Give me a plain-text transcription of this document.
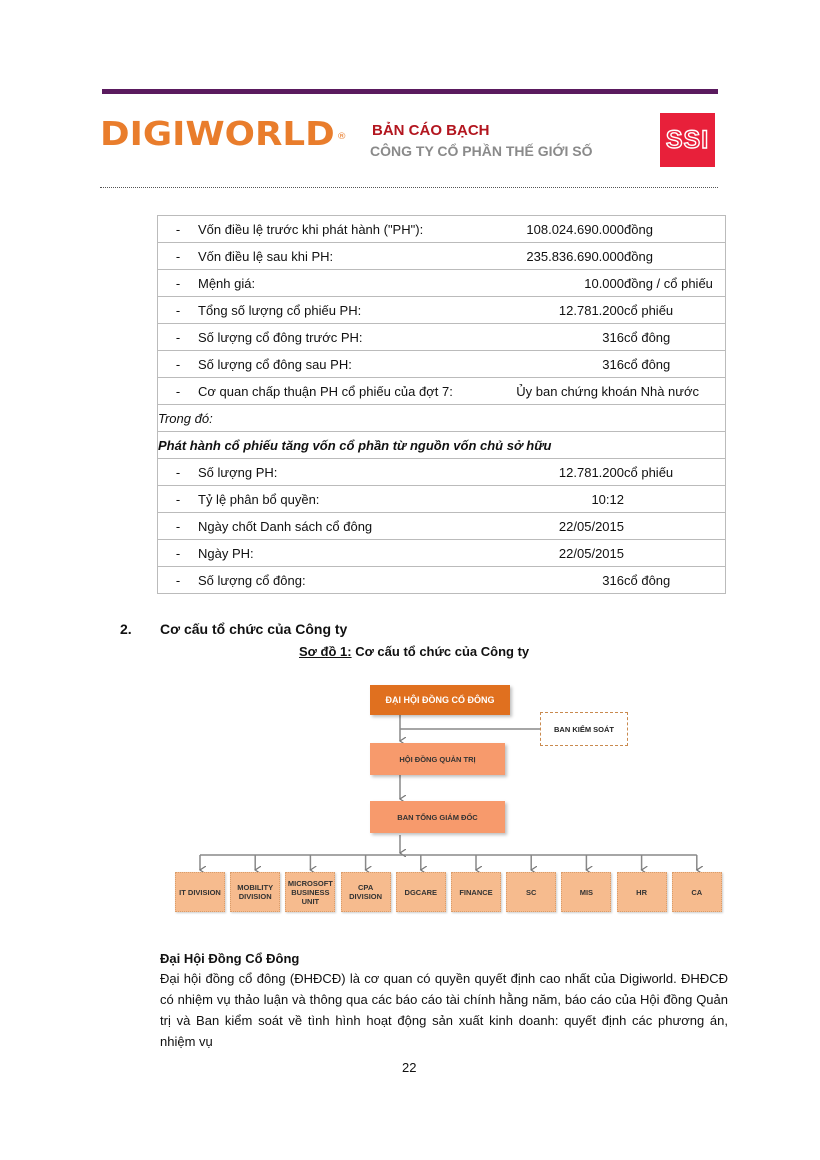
DIGIWORLD ® BẢN CÁO BẠCH
CÔNG TY CỔ PHẦN THẾ GIỚI SỐ	SSI
-	Vốn điều lệ trước khi phát hành ("PH"):	108.024.690.000	đồng
-	Vốn điều lệ sau khi PH:	235.836.690.000	đồng
-	Mệnh giá:	10.000	đồng / cổ phiếu
-	Tổng số lượng cổ phiếu PH:	12.781.200	cổ phiếu
-	Số lượng cổ đông trước PH:	316	cổ đông
-	Số lượng cổ đông sau PH:	316	cổ đông
-	Cơ quan chấp thuận PH cổ phiếu của đợt 7:	Ủy ban chứng khoán Nhà nước	
Trong đó:			
Phát hành cổ phiếu tăng vốn cổ phần từ nguồn vốn chủ sở hữu			
-	Số lượng PH:	12.781.200	cổ phiếu
-	Tỷ lệ phân bổ quyền:	10:12	
-	Ngày chốt Danh sách cổ đông	22/05/2015	
-	Ngày PH:	22/05/2015	
-	Số lượng cổ đông:	316	cổ đông
2. Cơ cấu tổ chức của Công ty
Sơ đồ 1: Cơ cấu tổ chức của Công ty
ĐẠI HỘI ĐỒNG CỔ ĐÔNG
BAN KIỂM SOÁT
HỘI ĐỒNG QUẢN TRỊ
BAN TỔNG GIÁM ĐỐC
IT DIVISION	MOBILITY DIVISION
MICROSOFT BUSINESS UNIT
CPA DIVISION	DGCARE	FINANCE	SC	MIS	HR	CA
Đại Hội Đồng Cổ Đông
Đại hội đồng cổ đông (ĐHĐCĐ) là cơ quan có quyền quyết định cao nhất của Digiworld. ĐHĐCĐ có nhiệm vụ thảo luận và thông qua các báo cáo tài chính hằng năm, báo cáo của Hội đồng Quản trị và Ban kiểm soát về tình hình hoạt động sản xuất kinh doanh: quyết định các phương án, nhiệm vụ
22
